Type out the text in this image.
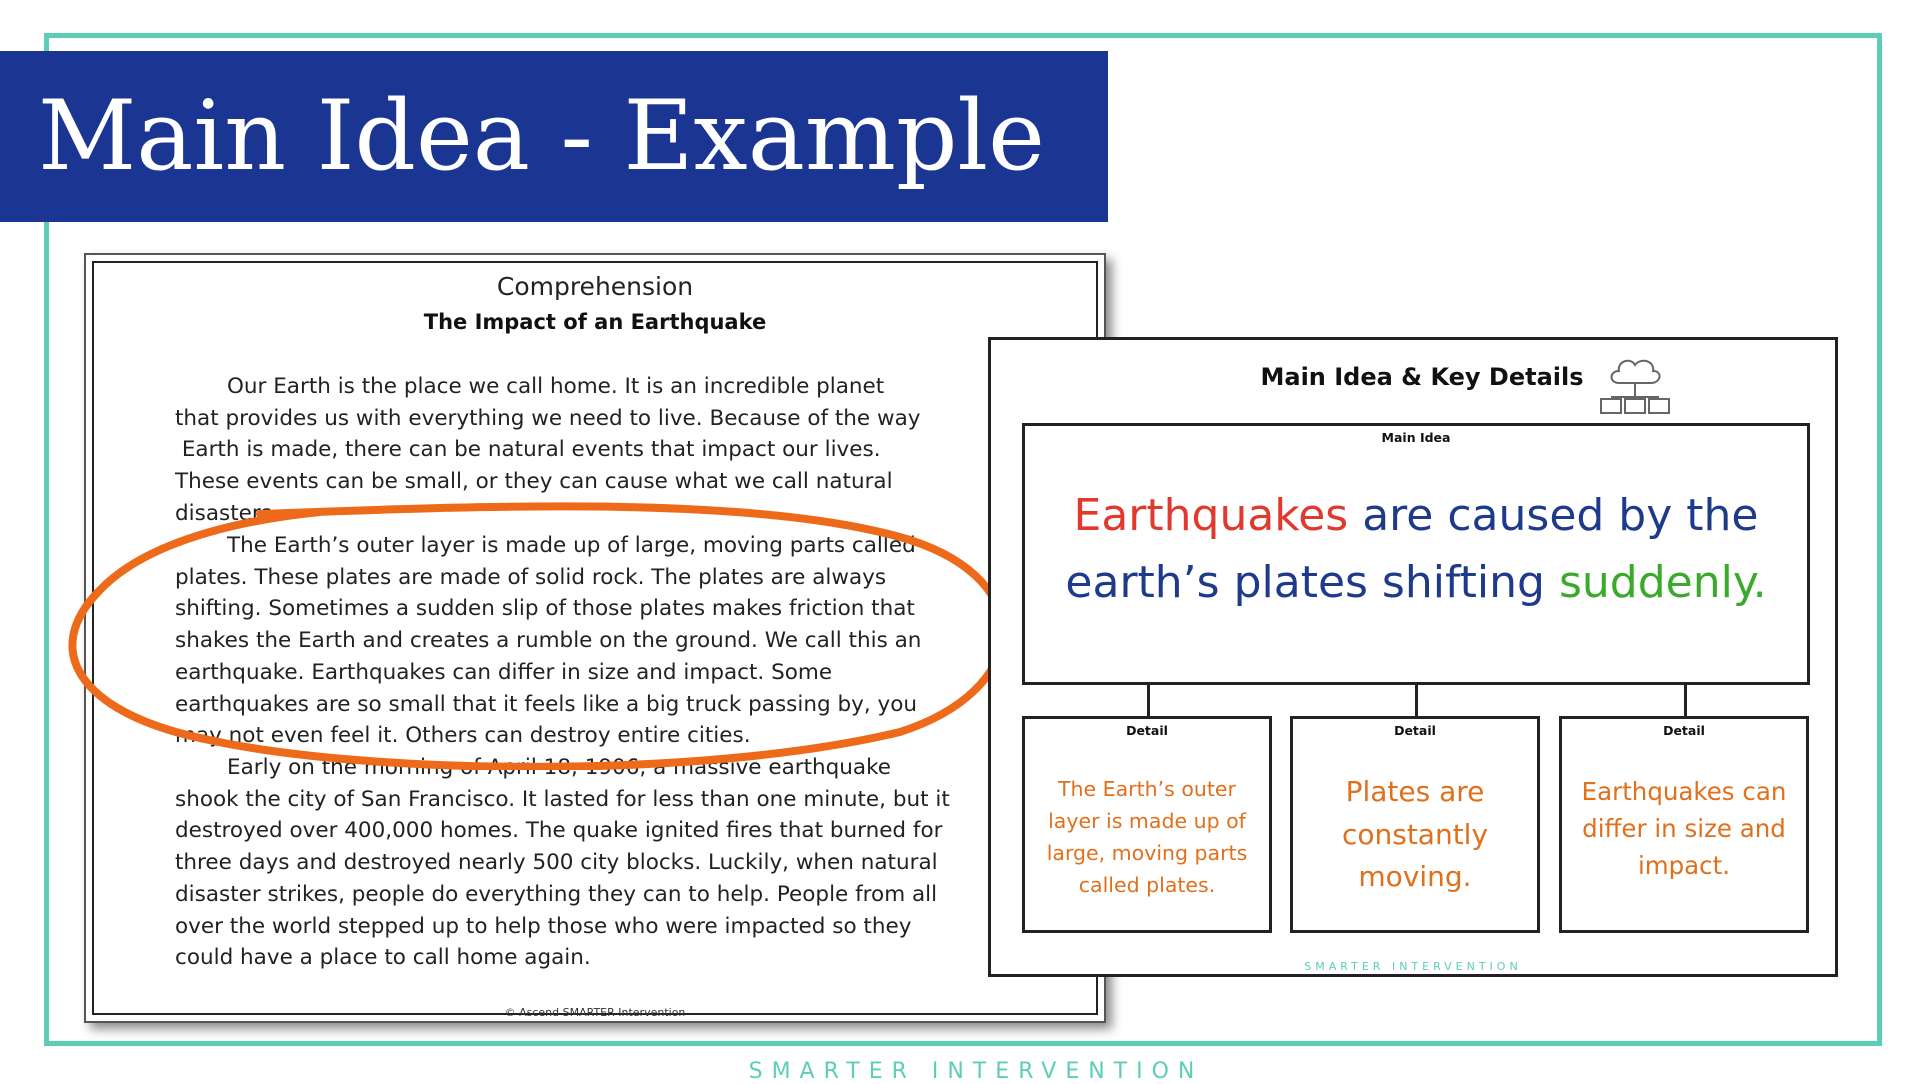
Main Idea - Example
Comprehension
The Impact of an Earthquake
Our Earth is the place we call home. It is an incredible planet
that provides us with everything we need to live. Because of the way
Earth is made, there can be natural events that impact our lives.
These events can be small, or they can cause what we call natural
disasters.
The Earth’s outer layer is made up of large, moving parts called
plates. These plates are made of solid rock. The plates are always
shifting. Sometimes a sudden slip of those plates makes friction that
shakes the Earth and creates a rumble on the ground. We call this an
earthquake. Earthquakes can differ in size and impact. Some
earthquakes are so small that it feels like a big truck passing by, you
may not even feel it. Others can destroy entire cities.
Early on the morning of April 18, 1906, a massive earthquake
shook the city of San Francisco. It lasted for less than one minute, but it
destroyed over 400,000 homes. The quake ignited fires that burned for
three days and destroyed nearly 500 city blocks. Luckily, when natural
disaster strikes, people do everything they can to help. People from all
over the world stepped up to help those who were impacted so they
could have a place to call home again.
© Ascend SMARTER Intervention
Main Idea & Key Details
Main Idea
Earthquakes are caused by the earth’s plates shifting suddenly.
Detail
The Earth’s outer layer is made up of large, moving parts called plates.
Detail
Plates are constantly moving.
Detail
Earthquakes can differ in size and impact.
SMARTER INTERVENTION
SMARTER INTERVENTION
